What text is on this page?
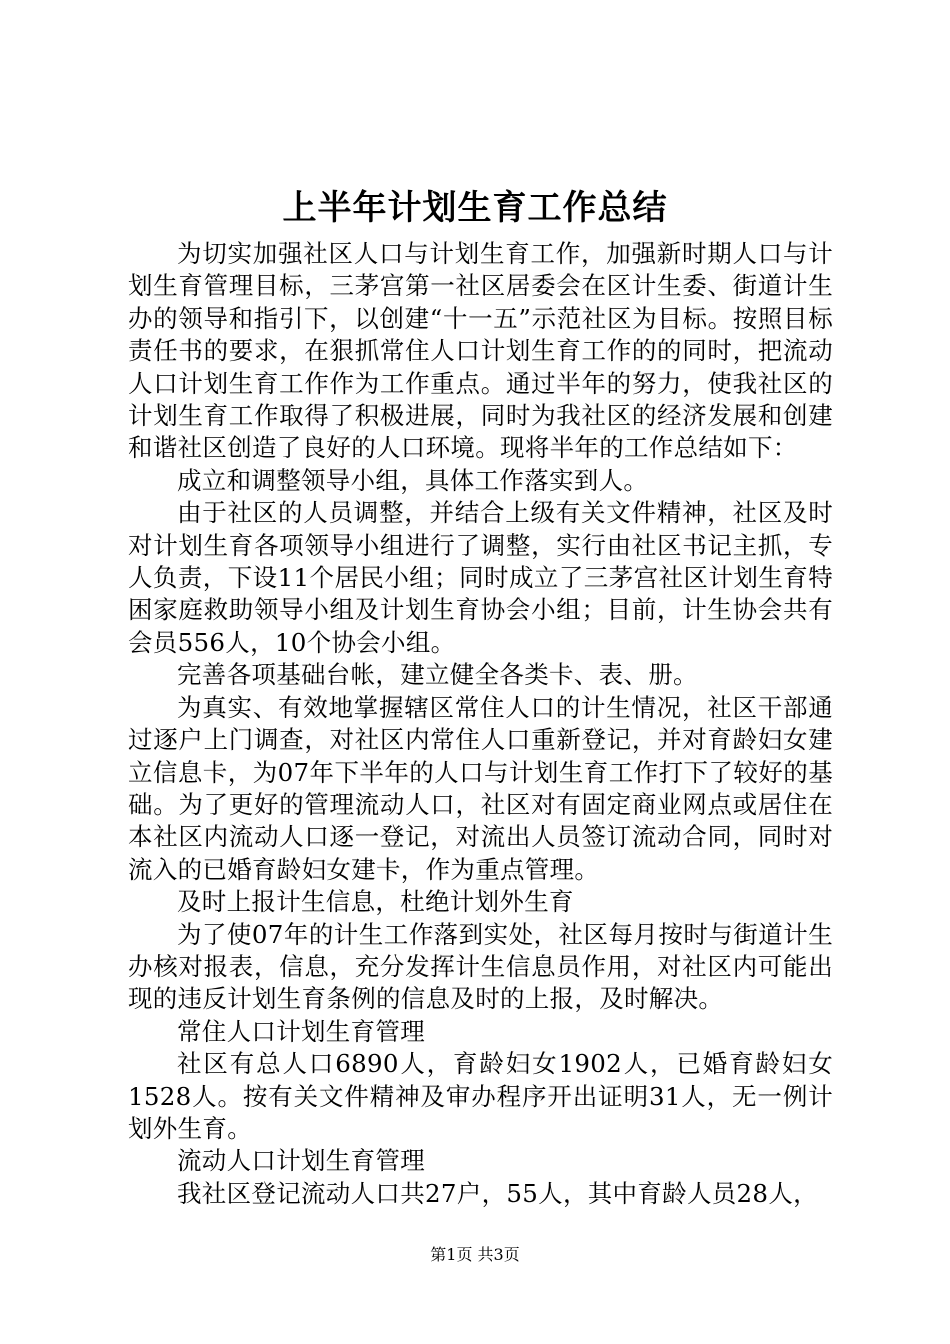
上半年计划生育工作总结

为切实加强社区人口与计划生育工作，加强新时期人口与计划生育管理目标，三茅宫第一社区居委会在区计生委、街道计生办的领导和指引下，以创建“十一五”示范社区为目标。按照目标责任书的要求，在狠抓常住人口计划生育工作的的同时，把流动人口计划生育工作作为工作重点。通过半年的努力，使我社区的计划生育工作取得了积极进展，同时为我社区的经济发展和创建和谐社区创造了良好的人口环境。现将半年的工作总结如下：

成立和调整领导小组，具体工作落实到人。

由于社区的人员调整，并结合上级有关文件精神，社区及时对计划生育各项领导小组进行了调整，实行由社区书记主抓，专人负责，下设11个居民小组；同时成立了三茅宫社区计划生育特困家庭救助领导小组及计划生育协会小组；目前，计生协会共有会员556人，10个协会小组。

完善各项基础台帐，建立健全各类卡、表、册。

为真实、有效地掌握辖区常住人口的计生情况，社区干部通过逐户上门调查，对社区内常住人口重新登记，并对育龄妇女建立信息卡，为07年下半年的人口与计划生育工作打下了较好的基础。为了更好的管理流动人口，社区对有固定商业网点或居住在本社区内流动人口逐一登记，对流出人员签订流动合同，同时对流入的已婚育龄妇女建卡，作为重点管理。

及时上报计生信息，杜绝计划外生育

为了使07年的计生工作落到实处，社区每月按时与街道计生办核对报表，信息，充分发挥计生信息员作用，对社区内可能出现的违反计划生育条例的信息及时的上报，及时解决。

常住人口计划生育管理

社区有总人口6890人，育龄妇女1902人，已婚育龄妇女1528人。按有关文件精神及审办程序开出证明31人，无一例计划外生育。

流动人口计划生育管理

我社区登记流动人口共27户，55人，其中育龄人员28人，

第1页 共3页
